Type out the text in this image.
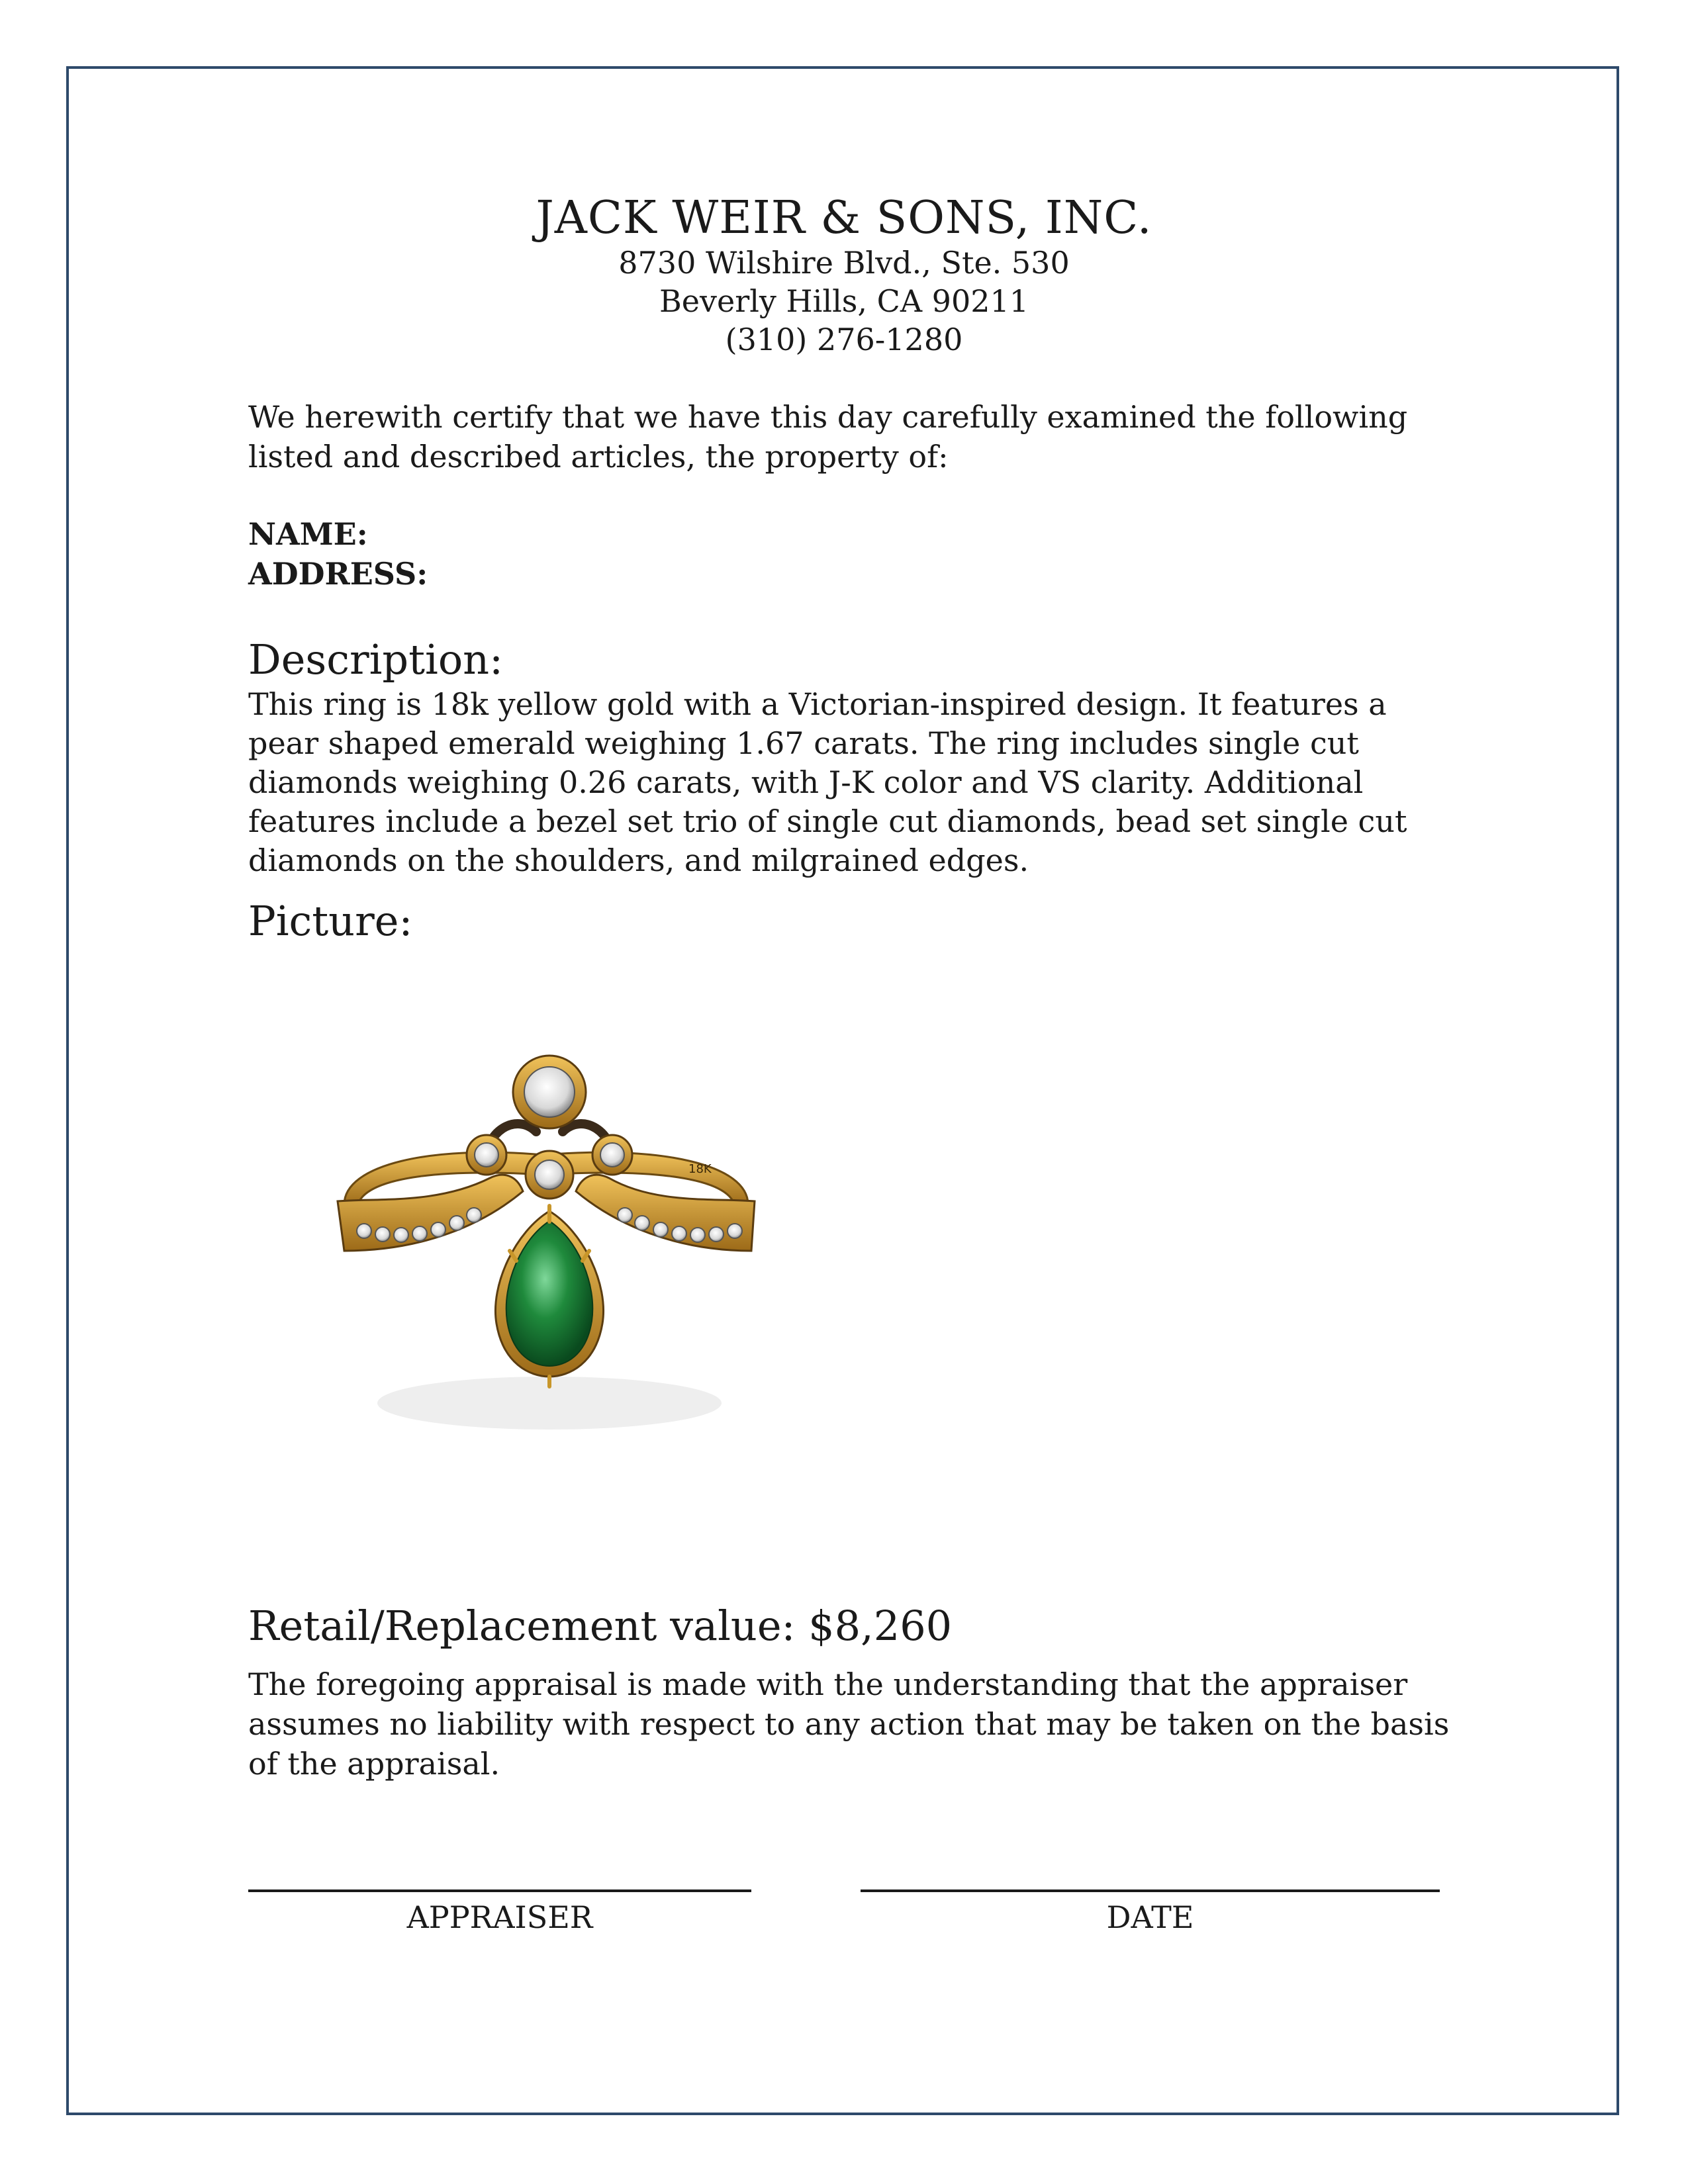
JACK WEIR & SONS, INC.
8730 Wilshire Blvd., Ste. 530
Beverly Hills, CA 90211
(310) 276-1280
We herewith certify that we have this day carefully examined the following listed and described articles, the property of:
NAME:
ADDRESS:
Description:
This ring is 18k yellow gold with a Victorian-inspired design. It features a pear shaped emerald weighing 1.67 carats. The ring includes single cut diamonds weighing 0.26 carats, with J-K color and VS clarity. Additional features include a bezel set trio of single cut diamonds, bead set single cut diamonds on the shoulders, and milgrained edges.
Picture:
18K
Retail/Replacement value: $8,260
The foregoing appraisal is made with the understanding that the appraiser assumes no liability with respect to any action that may be taken on the basis of the appraisal.
APPRAISER	DATE
